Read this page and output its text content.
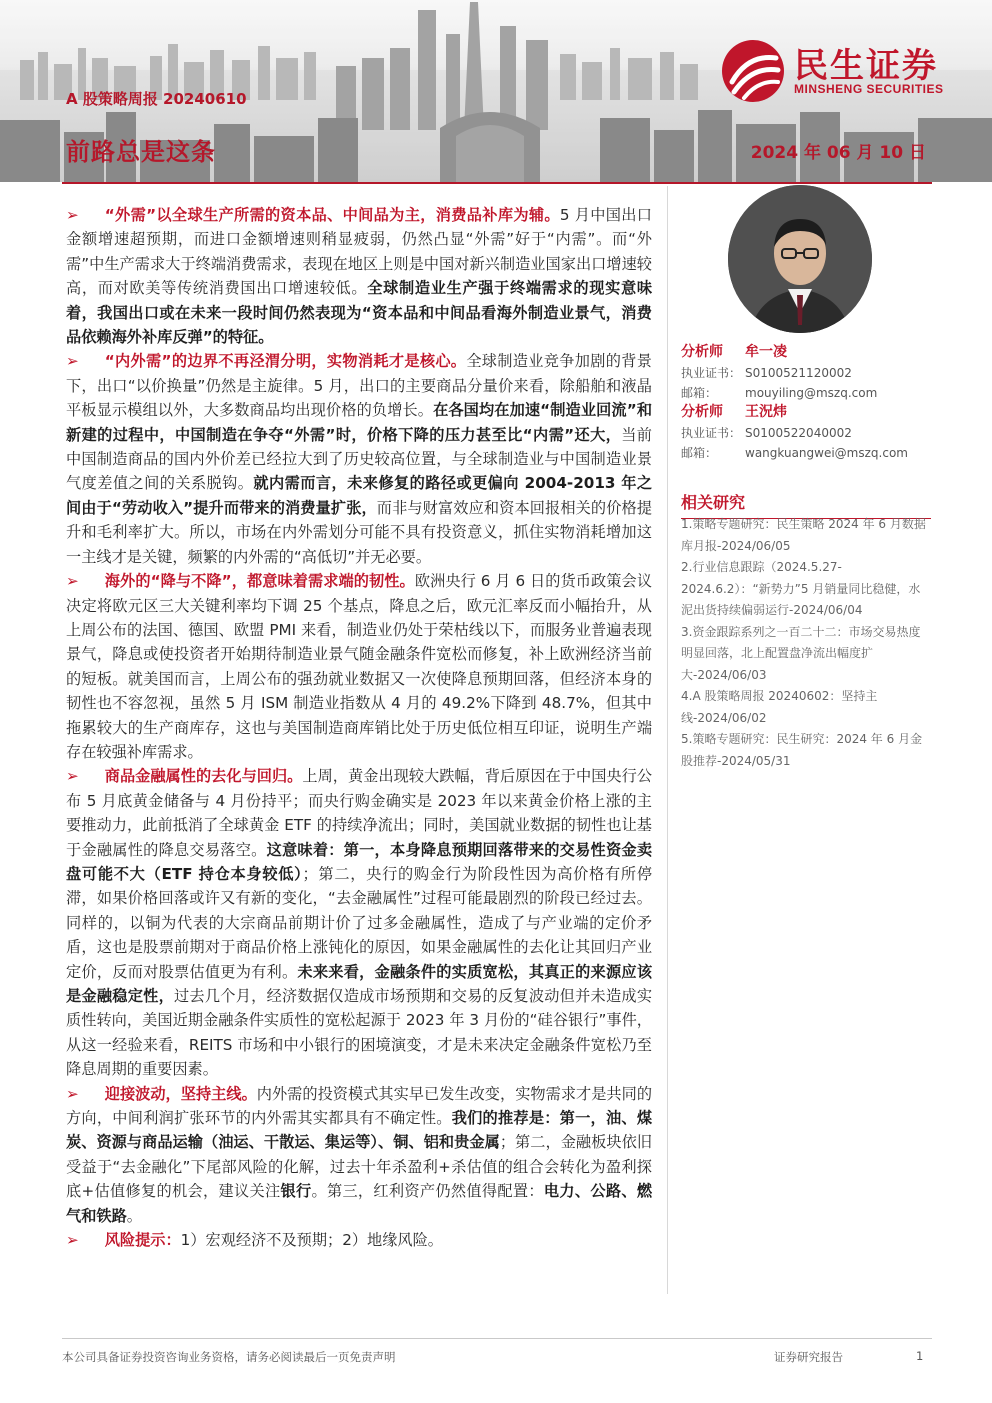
A 股策略周报 20240610
前路总是这条	2024 年 06 月 10 日
民生证券
MINSHENG SECURITIES

➢ “外需”以全球生产所需的资本品、中间品为主，消费品补库为辅。5 月中国出口金额增速超预期，而进口金额增速则稍显疲弱，仍然凸显“外需”好于“内需”。而“外需”中生产需求大于终端消费需求，表现在地区上则是中国对新兴制造业国家出口增速较高，而对欧美等传统消费国出口增速较低。全球制造业生产强于终端需求的现实意味着，我国出口或在未来一段时间仍然表现为“资本品和中间品看海外制造业景气，消费品依赖海外补库反弹”的特征。

➢ “内外需”的边界不再泾渭分明，实物消耗才是核心。全球制造业竞争加剧的背景下，出口“以价换量”仍然是主旋律。5 月，出口的主要商品分量价来看，除船舶和液晶平板显示模组以外，大多数商品均出现价格的负增长。在各国均在加速“制造业回流”和新建的过程中，中国制造在争夺“外需”时，价格下降的压力甚至比“内需”还大，当前中国制造商品的国内外价差已经拉大到了历史较高位置，与全球制造业与中国制造业景气度差值之间的关系脱钩。就内需而言，未来修复的路径或更偏向 2004-2013 年之间由于“劳动收入”提升而带来的消费量扩张，而非与财富效应和资本回报相关的价格提升和毛利率扩大。所以，市场在内外需划分可能不具有投资意义，抓住实物消耗增加这一主线才是关键，频繁的内外需的“高低切”并无必要。

➢ 海外的“降与不降”，都意味着需求端的韧性。欧洲央行 6 月 6 日的货币政策会议决定将欧元区三大关键利率均下调 25 个基点，降息之后，欧元汇率反而小幅抬升，从上周公布的法国、德国、欧盟 PMI 来看，制造业仍处于荣枯线以下，而服务业普遍表现景气，降息或使投资者开始期待制造业景气随金融条件宽松而修复，补上欧洲经济当前的短板。就美国而言，上周公布的强劲就业数据又一次使降息预期回落，但经济本身的韧性也不容忽视，虽然 5 月 ISM 制造业指数从 4 月的 49.2%下降到 48.7%，但其中拖累较大的生产商库存，这也与美国制造商库销比处于历史低位相互印证，说明生产端存在较强补库需求。

➢ 商品金融属性的去化与回归。上周，黄金出现较大跌幅，背后原因在于中国央行公布 5 月底黄金储备与 4 月份持平；而央行购金确实是 2023 年以来黄金价格上涨的主要推动力，此前抵消了全球黄金 ETF 的持续净流出；同时，美国就业数据的韧性也让基于金融属性的降息交易落空。这意味着：第一，本身降息预期回落带来的交易性资金卖盘可能不大（ETF 持仓本身较低）；第二，央行的购金行为阶段性因为高价格有所停滞，如果价格回落或许又有新的变化，“去金融属性”过程可能最剧烈的阶段已经过去。同样的，以铜为代表的大宗商品前期计价了过多金融属性，造成了与产业端的定价矛盾，这也是股票前期对于商品价格上涨钝化的原因，如果金融属性的去化让其回归产业定价，反而对股票估值更为有利。未来来看，金融条件的实质宽松，其真正的来源应该是金融稳定性，过去几个月，经济数据仅造成市场预期和交易的反复波动但并未造成实质性转向，美国近期金融条件实质性的宽松起源于 2023 年 3 月份的“硅谷银行”事件，从这一经验来看，REITS 市场和中小银行的困境演变，才是未来决定金融条件宽松乃至降息周期的重要因素。

➢ 迎接波动，坚持主线。内外需的投资模式其实早已发生改变，实物需求才是共同的方向，中间利润扩张环节的内外需其实都具有不确定性。我们的推荐是：第一，油、煤炭、资源与商品运输（油运、干散运、集运等）、铜、铝和贵金属；第二，金融板块依旧受益于“去金融化”下尾部风险的化解，过去十年杀盈利+杀估值的组合会转化为盈利探底+估值修复的机会，建议关注银行。第三，红利资产仍然值得配置：电力、公路、燃气和铁路。

➢ 风险提示：1）宏观经济不及预期；2）地缘风险。

分析师 牟一凌
执业证书： S0100521120002
邮箱： mouyiling@mszq.com
分析师 王況炜
执业证书： S0100522040002
邮箱： wangkuangwei@mszq.com
相关研究
1.策略专题研究：民生策略 2024 年 6 月数据库月报-2024/06/05
2.行业信息跟踪（2024.5.27-2024.6.2）：“新势力”5 月销量同比稳健，水泥出货持续偏弱运行-2024/06/04
3.资金跟踪系列之一百二十二：市场交易热度明显回落，北上配置盘净流出幅度扩大-2024/06/03
4.A 股策略周报 20240602：坚持主线-2024/06/02
5.策略专题研究：民生研究：2024 年 6 月金股推荐-2024/05/31
本公司具备证券投资咨询业务资格，请务必阅读最后一页免责声明	证券研究报告	1
